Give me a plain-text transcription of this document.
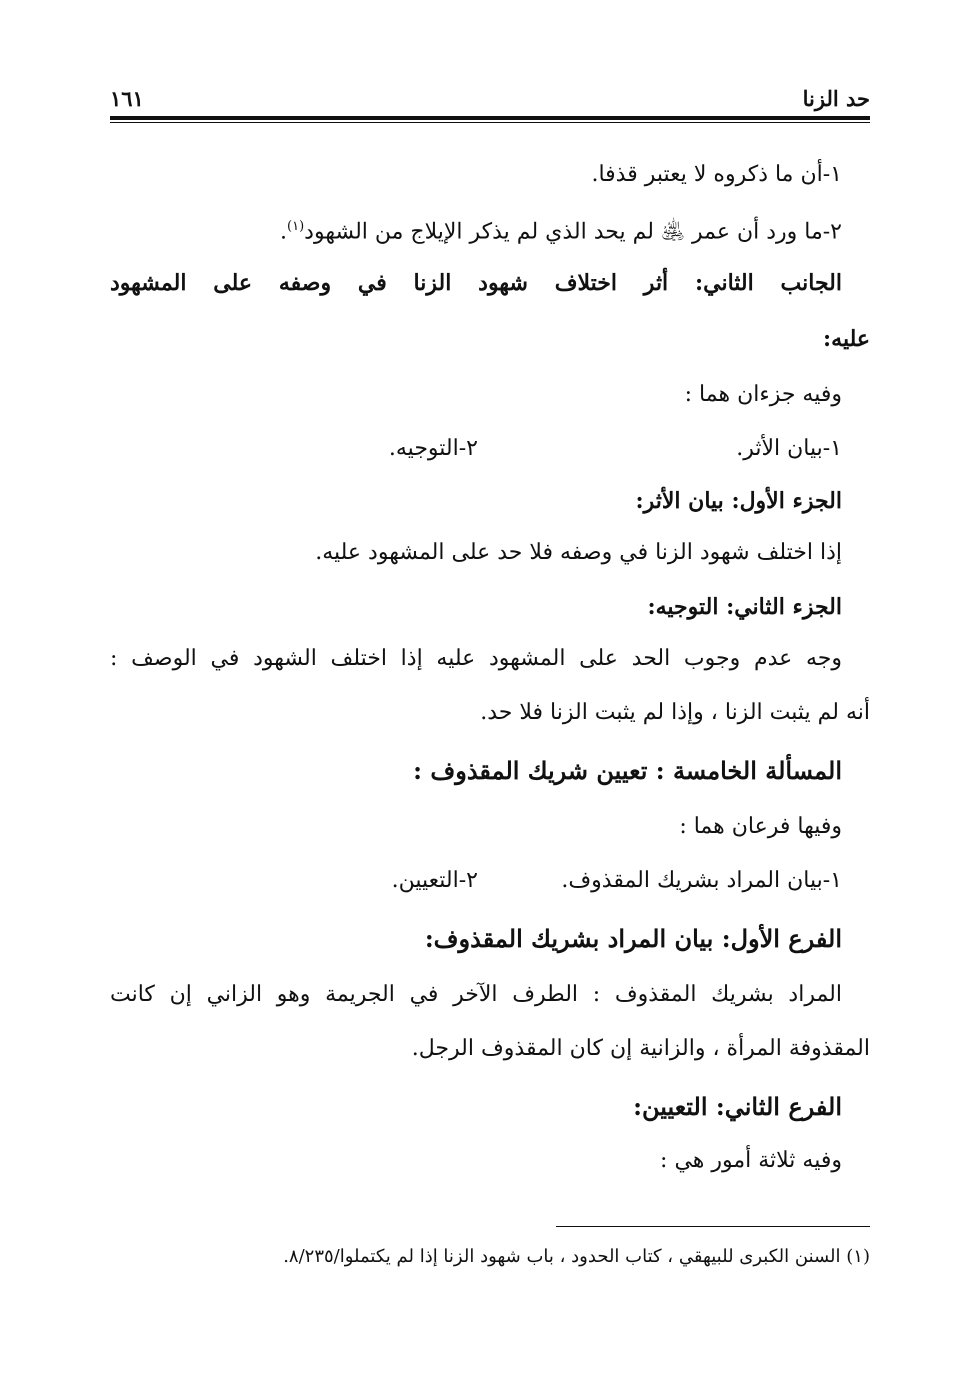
حد الزنا
١٦١
١-أن ما ذكروه لا يعتبر قذفا.
٢-ما ورد أن عمر ﵁ لم يحد الذي لم يذكر الإيلاج من الشهود$^{(١)}$.
الجانب الثاني: أثر اختلاف شهود الزنا في وصفه على المشهود
عليه:
وفيه جزءان هما :
١-بيان الأثر.
٢-التوجيه.
الجزء الأول: بيان الأثر:
إذا اختلف شهود الزنا في وصفه فلا حد على المشهود عليه.
الجزء الثاني: التوجيه:
وجه عدم وجوب الحد على المشهود عليه إذا اختلف الشهود في الوصف :
أنه لم يثبت الزنا ، وإذا لم يثبت الزنا فلا حد.
المسألة الخامسة : تعيين شريك المقذوف :
وفيها فرعان هما :
١-بيان المراد بشريك المقذوف.
٢-التعيين.
الفرع الأول: بيان المراد بشريك المقذوف:
المراد بشريك المقذوف : الطرف الآخر في الجريمة وهو الزاني إن كانت
المقذوفة المرأة ، والزانية إن كان المقذوف الرجل.
الفرع الثاني: التعيين:
وفيه ثلاثة أمور هي :
(١) السنن الكبرى للبيهقي ، كتاب الحدود ، باب شهود الزنا إذا لم يكتملوا/٨/٢٣٥.
